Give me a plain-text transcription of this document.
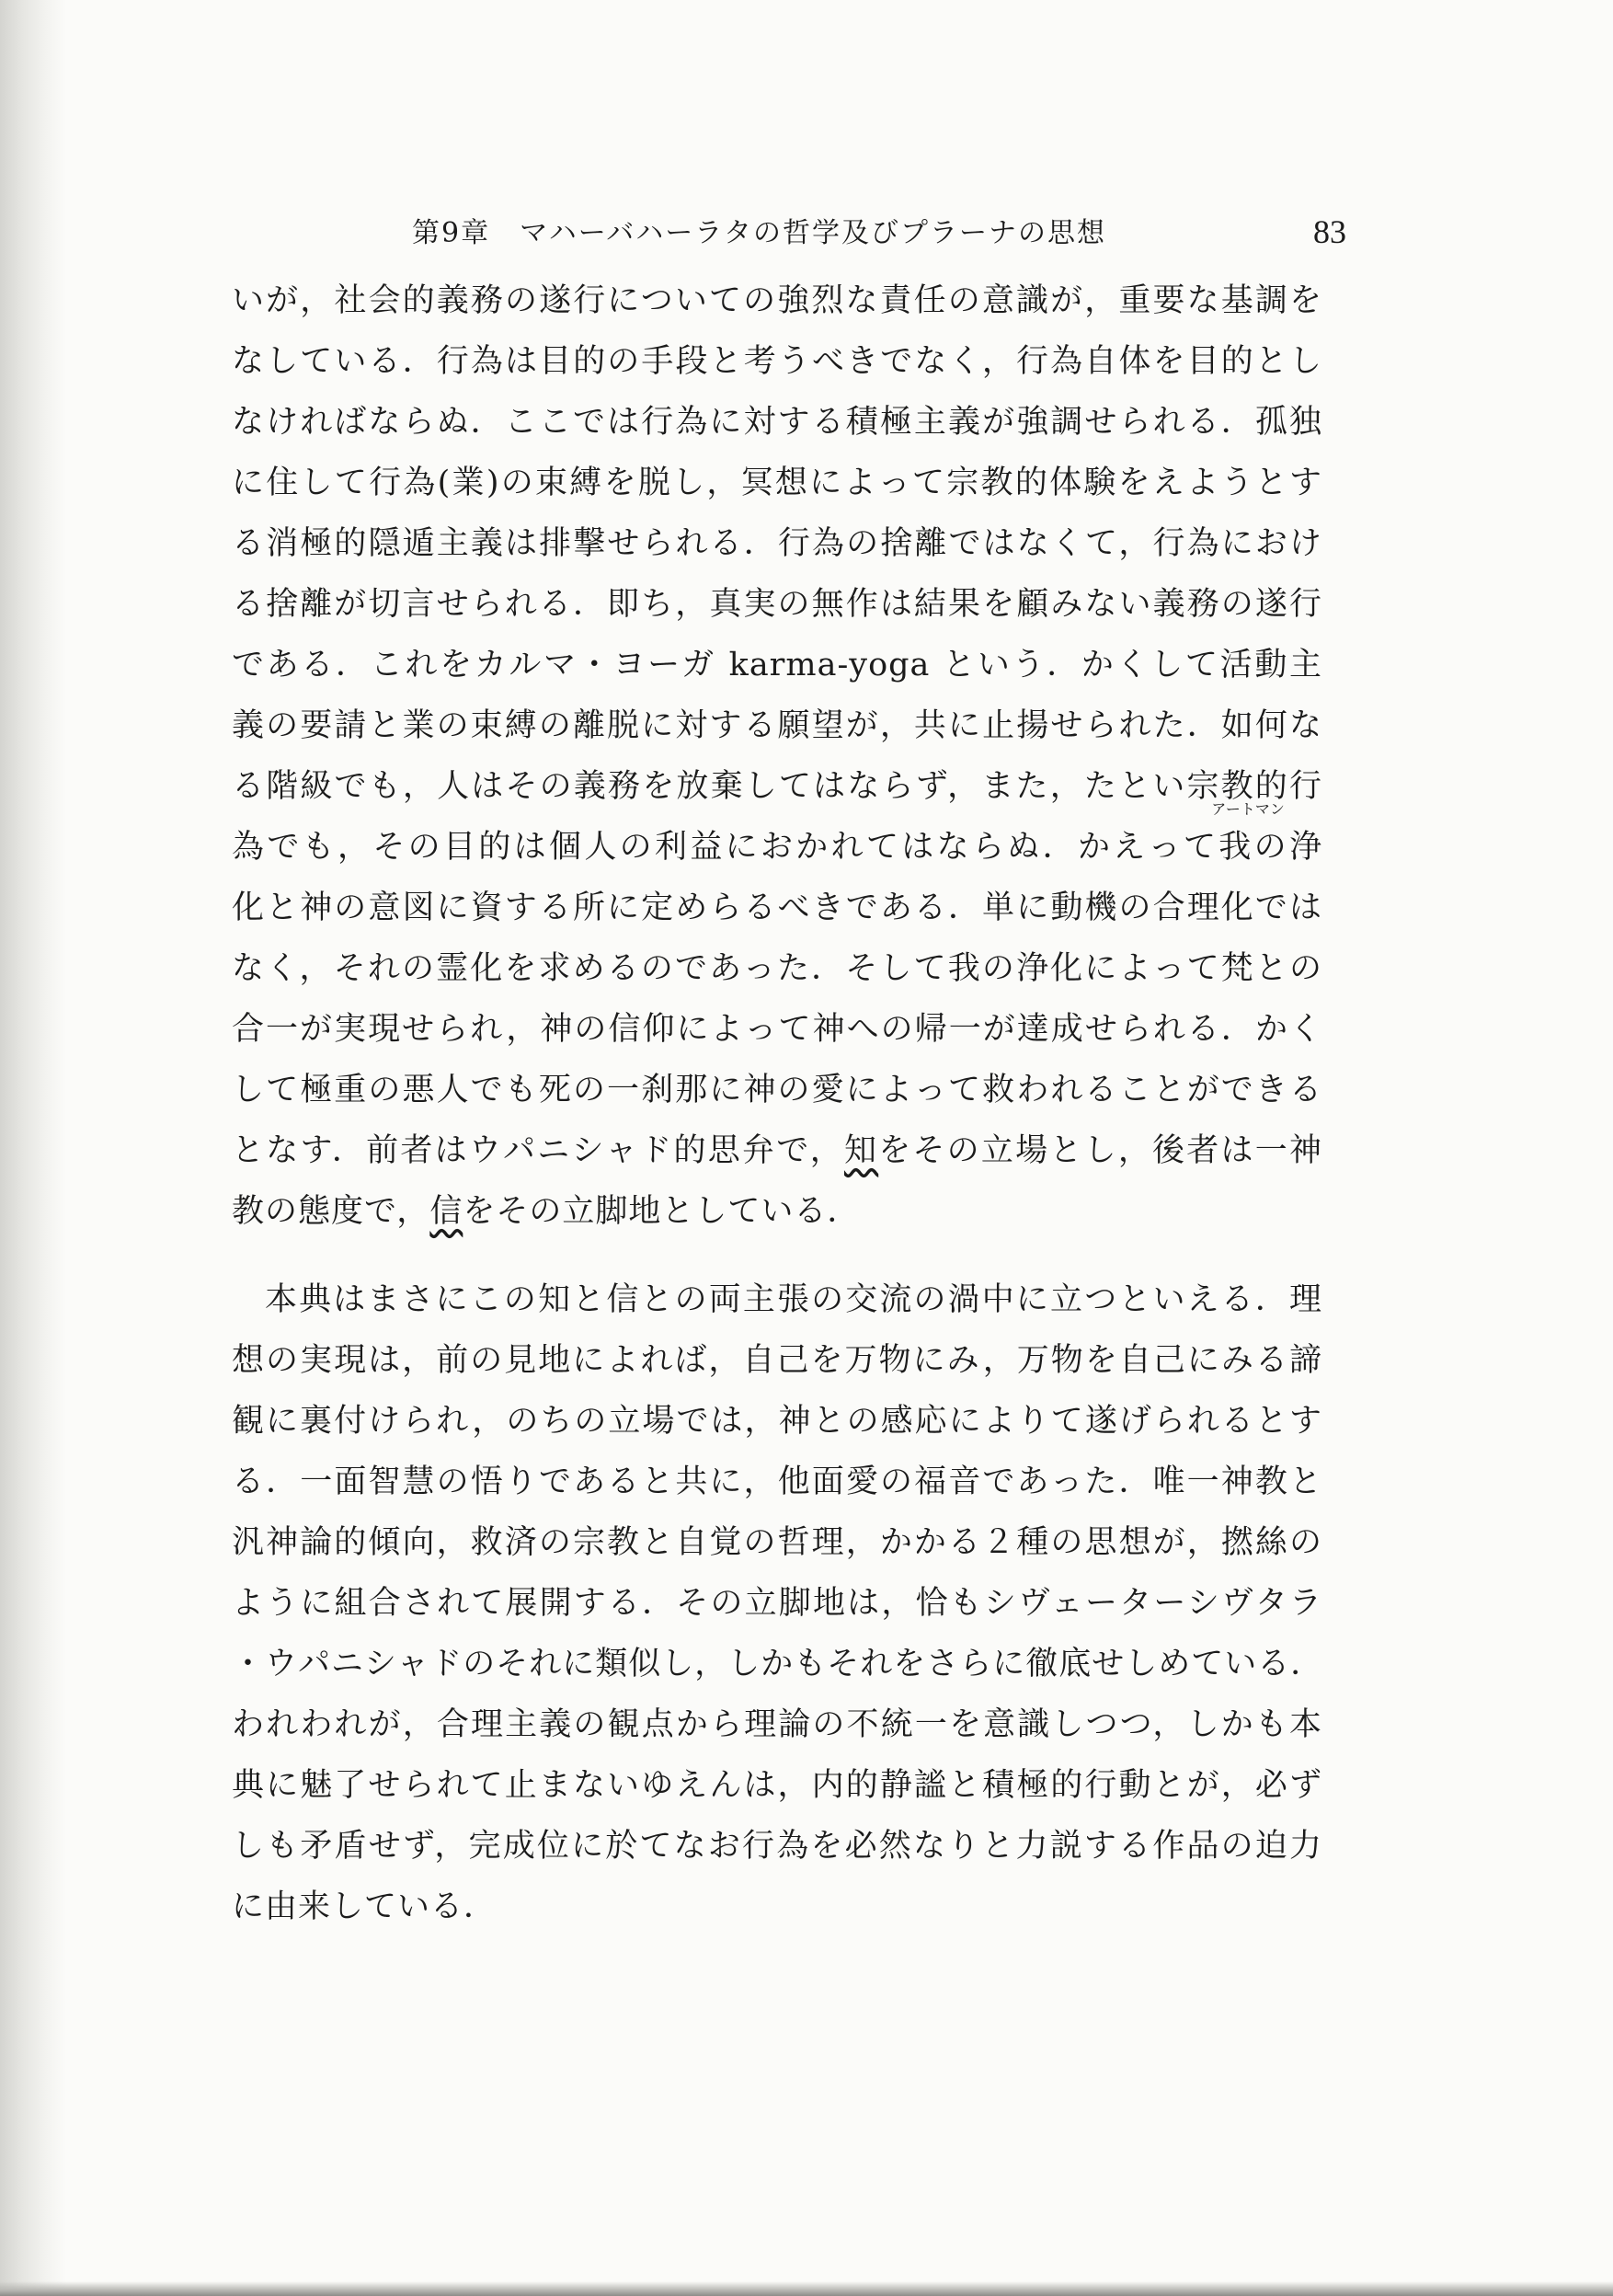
第9章　マハーバハーラタの哲学及びプラーナの思想	83
いが，社会的義務の遂行についての強烈な責任の意識が，重要な基調を
なしている．行為は目的の手段と考うべきでなく，行為自体を目的とし
なければならぬ．ここでは行為に対する積極主義が強調せられる．孤独
に住して行為(業)の束縛を脱し，冥想によって宗教的体験をえようとす
る消極的隠遁主義は排撃せられる．行為の捨離ではなくて，行為におけ
る捨離が切言せられる．即ち，真実の無作は結果を顧みない義務の遂行
である．これをカルマ・ヨーガ karma-yoga という．かくして活動主
義の要請と業の束縛の離脱に対する願望が，共に止揚せられた．如何な
る階級でも，人はその義務を放棄してはならず，また，たとい宗教的行
為でも，その目的は個人の利益におかれてはならぬ．かえって
アートマン
我の浄
化と神の意図に資する所に定めらるべきである．単に動機の合理化では
なく，それの霊化を求めるのであった．そして我の浄化によって梵との
合一が実現せられ，神の信仰によって神への帰一が達成せられる．かく
して極重の悪人でも死の一刹那に神の愛によって救われることができる
となす．前者はウパニシャド的思弁で，知をその立場とし，後者は一神
教の態度で，信をその立脚地としている．
本典はまさにこの知と信との両主張の交流の渦中に立つといえる．理
想の実現は，前の見地によれば，自己を万物にみ，万物を自己にみる諦
観に裏付けられ，のちの立場では，神との感応によりて遂げられるとす
る．一面智慧の悟りであると共に，他面愛の福音であった．唯一神教と
汎神論的傾向，救済の宗教と自覚の哲理，かかる２種の思想が，撚絲の
ように組合されて展開する．その立脚地は，恰もシヴェーターシヴタラ
・ウパニシャドのそれに類似し，しかもそれをさらに徹底せしめている．
われわれが，合理主義の観点から理論の不統一を意識しつつ，しかも本
典に魅了せられて止まないゆえんは，内的静謐と積極的行動とが，必ず
しも矛盾せず，完成位に於てなお行為を必然なりと力説する作品の迫力
に由来している．
